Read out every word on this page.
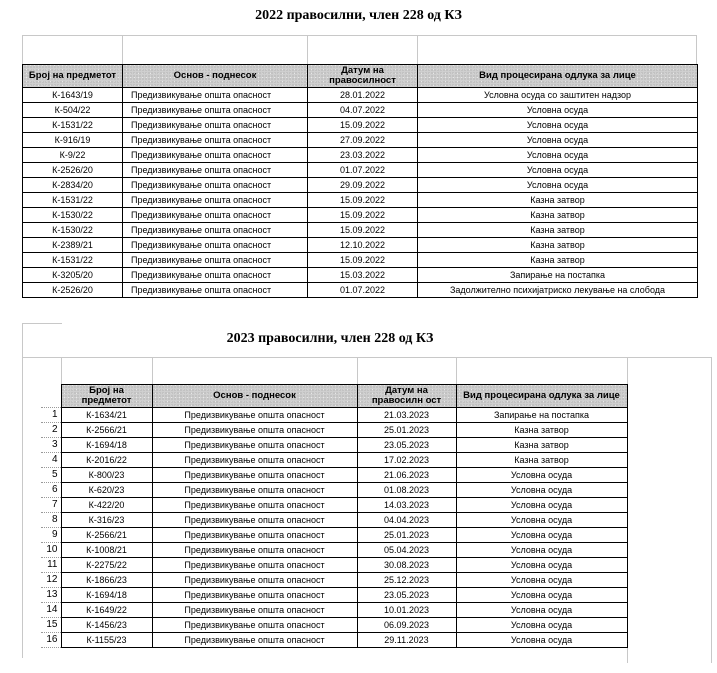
2022 правосилни, член 228 од КЗ
Број на предметот	Основ - поднесок	Датум на правосилност	Вид процесирана одлука за лице
К-1643/19	Предизвикување општа опасност	28.01.2022	Условна осуда со заштитен надзор
К-504/22	Предизвикување општа опасност	04.07.2022	Условна осуда
К-1531/22	Предизвикување општа опасност	15.09.2022	Условна осуда
К-916/19	Предизвикување општа опасност	27.09.2022	Условна осуда
К-9/22	Предизвикување општа опасност	23.03.2022	Условна осуда
К-2526/20	Предизвикување општа опасност	01.07.2022	Условна осуда
К-2834/20	Предизвикување општа опасност	29.09.2022	Условна осуда
К-1531/22	Предизвикување општа опасност	15.09.2022	Казна затвор
К-1530/22	Предизвикување општа опасност	15.09.2022	Казна затвор
К-1530/22	Предизвикување општа опасност	15.09.2022	Казна затвор
К-2389/21	Предизвикување општа опасност	12.10.2022	Казна затвор
К-1531/22	Предизвикување општа опасност	15.09.2022	Казна затвор
К-3205/20	Предизвикување општа опасност	15.03.2022	Запирање на постапка
К-2526/20	Предизвикување општа опасност	01.07.2022	Задолжително психијатриско лекување на слобода
2023 правосилни, член 228 од КЗ
	Број на предметот	Основ - поднесок	Датум на правосилн ост	Вид процесирана одлука за лице
1	К-1634/21	Предизвикување општа опасност	21.03.2023	Запирање на постапка
2	К-2566/21	Предизвикување општа опасност	25.01.2023	Казна затвор
3	К-1694/18	Предизвикување општа опасност	23.05.2023	Казна затвор
4	К-2016/22	Предизвикување општа опасност	17.02.2023	Казна затвор
5	К-800/23	Предизвикување општа опасност	21.06.2023	Условна осуда
6	К-620/23	Предизвикување општа опасност	01.08.2023	Условна осуда
7	К-422/20	Предизвикување општа опасност	14.03.2023	Условна осуда
8	К-316/23	Предизвикување општа опасност	04.04.2023	Условна осуда
9	К-2566/21	Предизвикување општа опасност	25.01.2023	Условна осуда
10	К-1008/21	Предизвикување општа опасност	05.04.2023	Условна осуда
11	К-2275/22	Предизвикување општа опасност	30.08.2023	Условна осуда
12	К-1866/23	Предизвикување општа опасност	25.12.2023	Условна осуда
13	К-1694/18	Предизвикување општа опасност	23.05.2023	Условна осуда
14	К-1649/22	Предизвикување општа опасност	10.01.2023	Условна осуда
15	К-1456/23	Предизвикување општа опасност	06.09.2023	Условна осуда
16	К-1155/23	Предизвикување општа опасност	29.11.2023	Условна осуда
